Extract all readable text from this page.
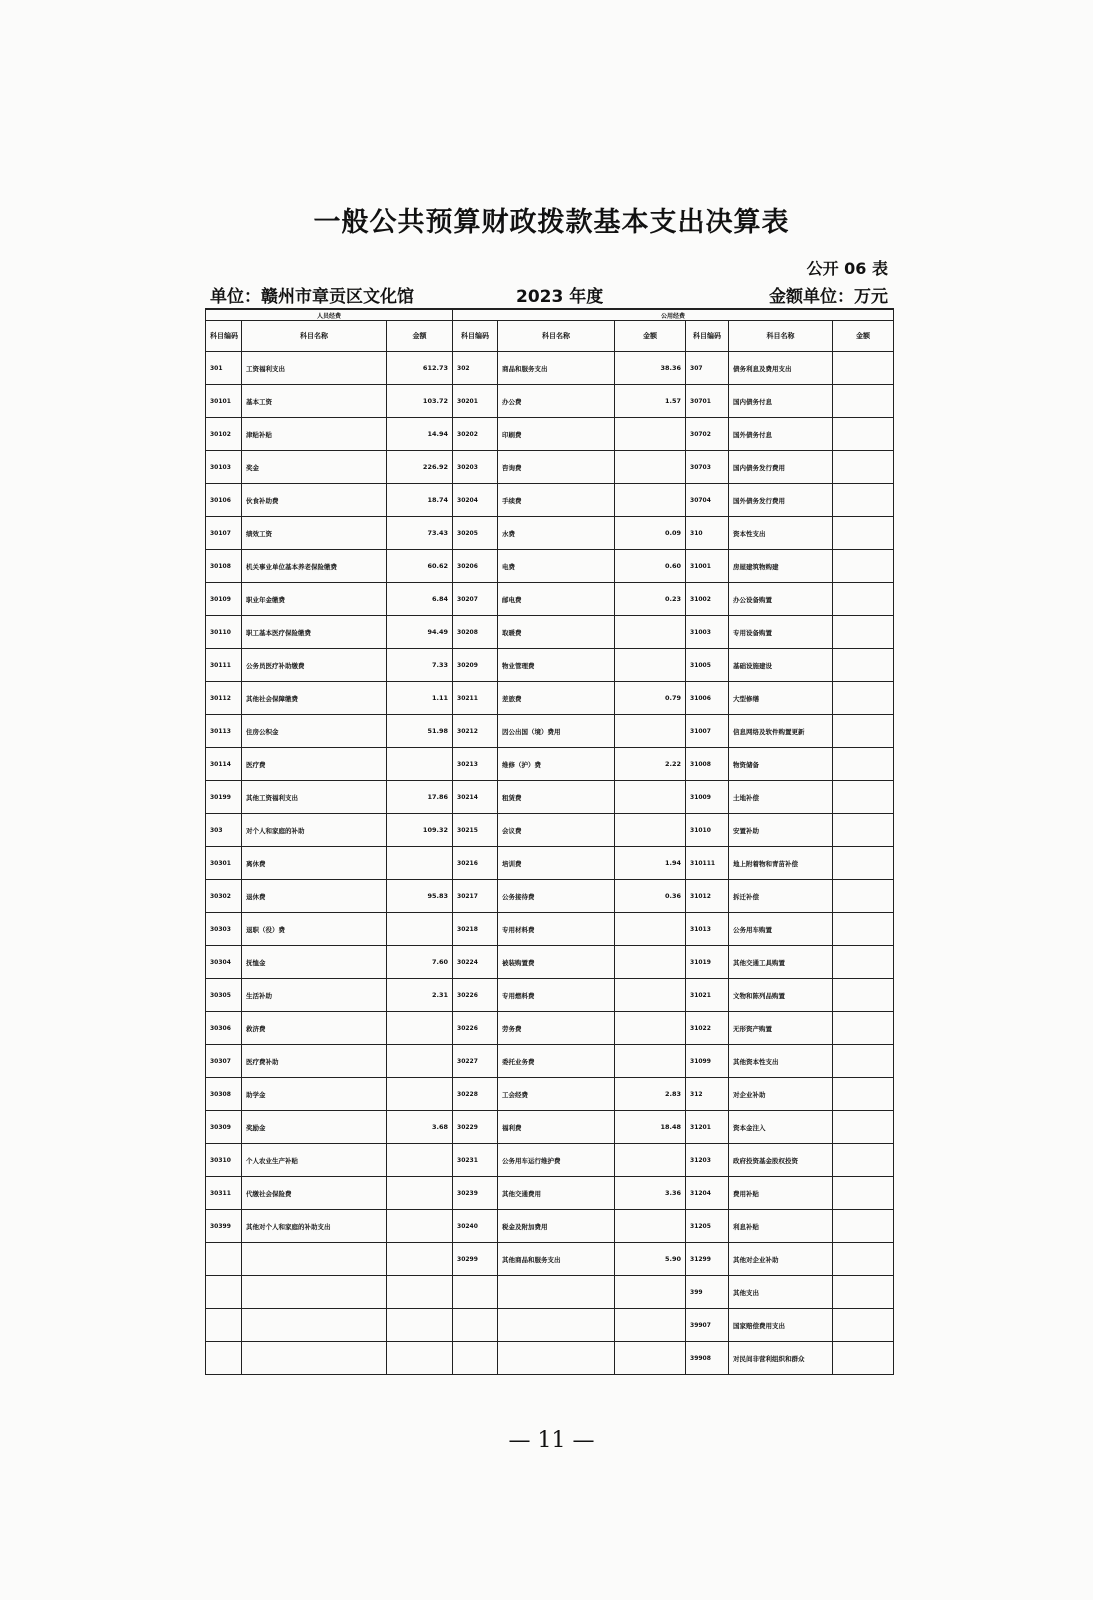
一般公共预算财政拨款基本支出决算表
公开 06 表
单位：赣州市章贡区文化馆	2023 年度	金额单位：万元
人员经费			公用经费					
科目编码	科目名称	金额	科目编码	科目名称	金额	科目编码	科目名称	金额
301	工资福利支出	612.73	302	商品和服务支出	38.36	307	债务利息及费用支出	
30101	基本工资	103.72	30201	办公费	1.57	30701	国内债务付息	
30102	津贴补贴	14.94	30202	印刷费		30702	国外债务付息	
30103	奖金	226.92	30203	咨询费		30703	国内债务发行费用	
30106	伙食补助费	18.74	30204	手续费		30704	国外债务发行费用	
30107	绩效工资	73.43	30205	水费	0.09	310	资本性支出	
30108	机关事业单位基本养老保险缴费	60.62	30206	电费	0.60	31001	房屋建筑物购建	
30109	职业年金缴费	6.84	30207	邮电费	0.23	31002	办公设备购置	
30110	职工基本医疗保险缴费	94.49	30208	取暖费		31003	专用设备购置	
30111	公务员医疗补助缴费	7.33	30209	物业管理费		31005	基础设施建设	
30112	其他社会保障缴费	1.11	30211	差旅费	0.79	31006	大型修缮	
30113	住房公积金	51.98	30212	因公出国（境）费用		31007	信息网络及软件购置更新	
30114	医疗费		30213	维修（护）费	2.22	31008	物资储备	
30199	其他工资福利支出	17.86	30214	租赁费		31009	土地补偿	
303	对个人和家庭的补助	109.32	30215	会议费		31010	安置补助	
30301	离休费		30216	培训费	1.94	310111	地上附着物和青苗补偿	
30302	退休费	95.83	30217	公务接待费	0.36	31012	拆迁补偿	
30303	退职（役）费		30218	专用材料费		31013	公务用车购置	
30304	抚恤金	7.60	30224	被装购置费		31019	其他交通工具购置	
30305	生活补助	2.31	30226	专用燃料费		31021	文物和陈列品购置	
30306	救济费		30226	劳务费		31022	无形资产购置	
30307	医疗费补助		30227	委托业务费		31099	其他资本性支出	
30308	助学金		30228	工会经费	2.83	312	对企业补助	
30309	奖励金	3.68	30229	福利费	18.48	31201	资本金注入	
30310	个人农业生产补贴		30231	公务用车运行维护费		31203	政府投资基金股权投资	
30311	代缴社会保险费		30239	其他交通费用	3.36	31204	费用补贴	
30399	其他对个人和家庭的补助支出		30240	税金及附加费用		31205	利息补贴	
			30299	其他商品和服务支出	5.90	31299	其他对企业补助	
						399	其他支出	
						39907	国家赔偿费用支出	
						39908	对民间非营利组织和群众	
— 11 —
